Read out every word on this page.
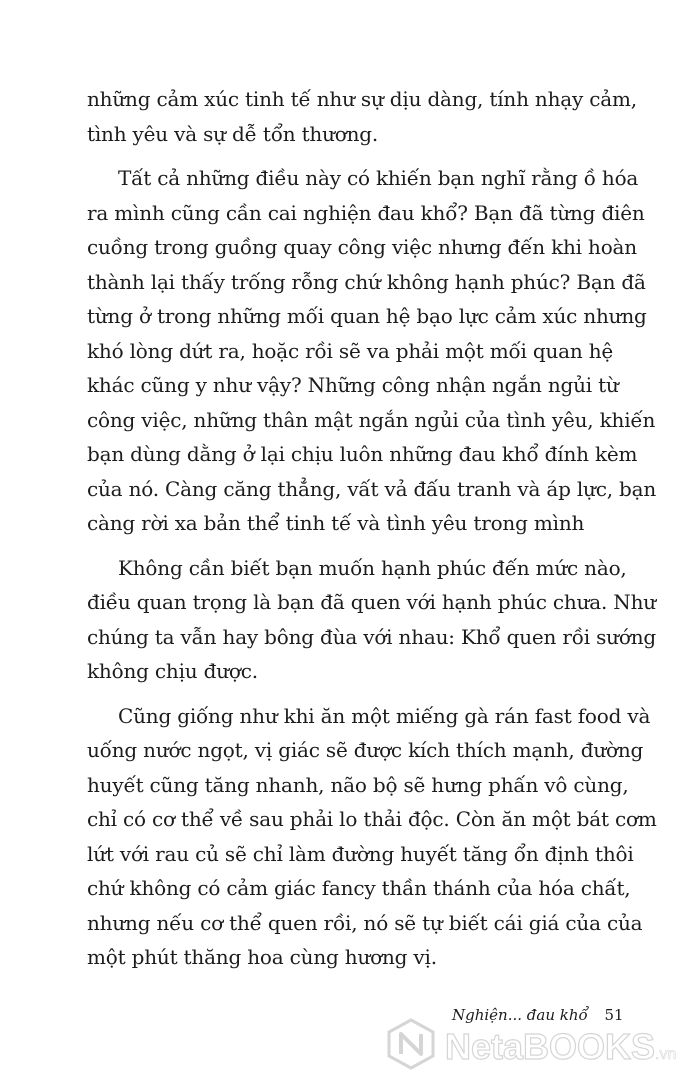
những cảm xúc tinh tế như sự dịu dàng, tính nhạy cảm,
tình yêu và sự dễ tổn thương.
Tất cả những điều này có khiến bạn nghĩ rằng ồ hóa
ra mình cũng cần cai nghiện đau khổ? Bạn đã từng điên
cuồng trong guồng quay công việc nhưng đến khi hoàn
thành lại thấy trống rỗng chứ không hạnh phúc? Bạn đã
từng ở trong những mối quan hệ bạo lực cảm xúc nhưng
khó lòng dứt ra, hoặc rồi sẽ va phải một mối quan hệ
khác cũng y như vậy? Những công nhận ngắn ngủi từ
công việc, những thân mật ngắn ngủi của tình yêu, khiến
bạn dùng dằng ở lại chịu luôn những đau khổ đính kèm
của nó. Càng căng thẳng, vất vả đấu tranh và áp lực, bạn
càng rời xa bản thể tinh tế và tình yêu trong mình
Không cần biết bạn muốn hạnh phúc đến mức nào,
điều quan trọng là bạn đã quen với hạnh phúc chưa. Như
chúng ta vẫn hay bông đùa với nhau: Khổ quen rồi sướng
không chịu được.
Cũng giống như khi ăn một miếng gà rán fast food và
uống nước ngọt, vị giác sẽ được kích thích mạnh, đường
huyết cũng tăng nhanh, não bộ sẽ hưng phấn vô cùng,
chỉ có cơ thể về sau phải lo thải độc. Còn ăn một bát cơm
lứt với rau củ sẽ chỉ làm đường huyết tăng ổn định thôi
chứ không có cảm giác fancy thần thánh của hóa chất,
nhưng nếu cơ thể quen rồi, nó sẽ tự biết cái giá của của
một phút thăng hoa cùng hương vị.
Nghiện... đau khổ 51
NetaBOOKS.vn
